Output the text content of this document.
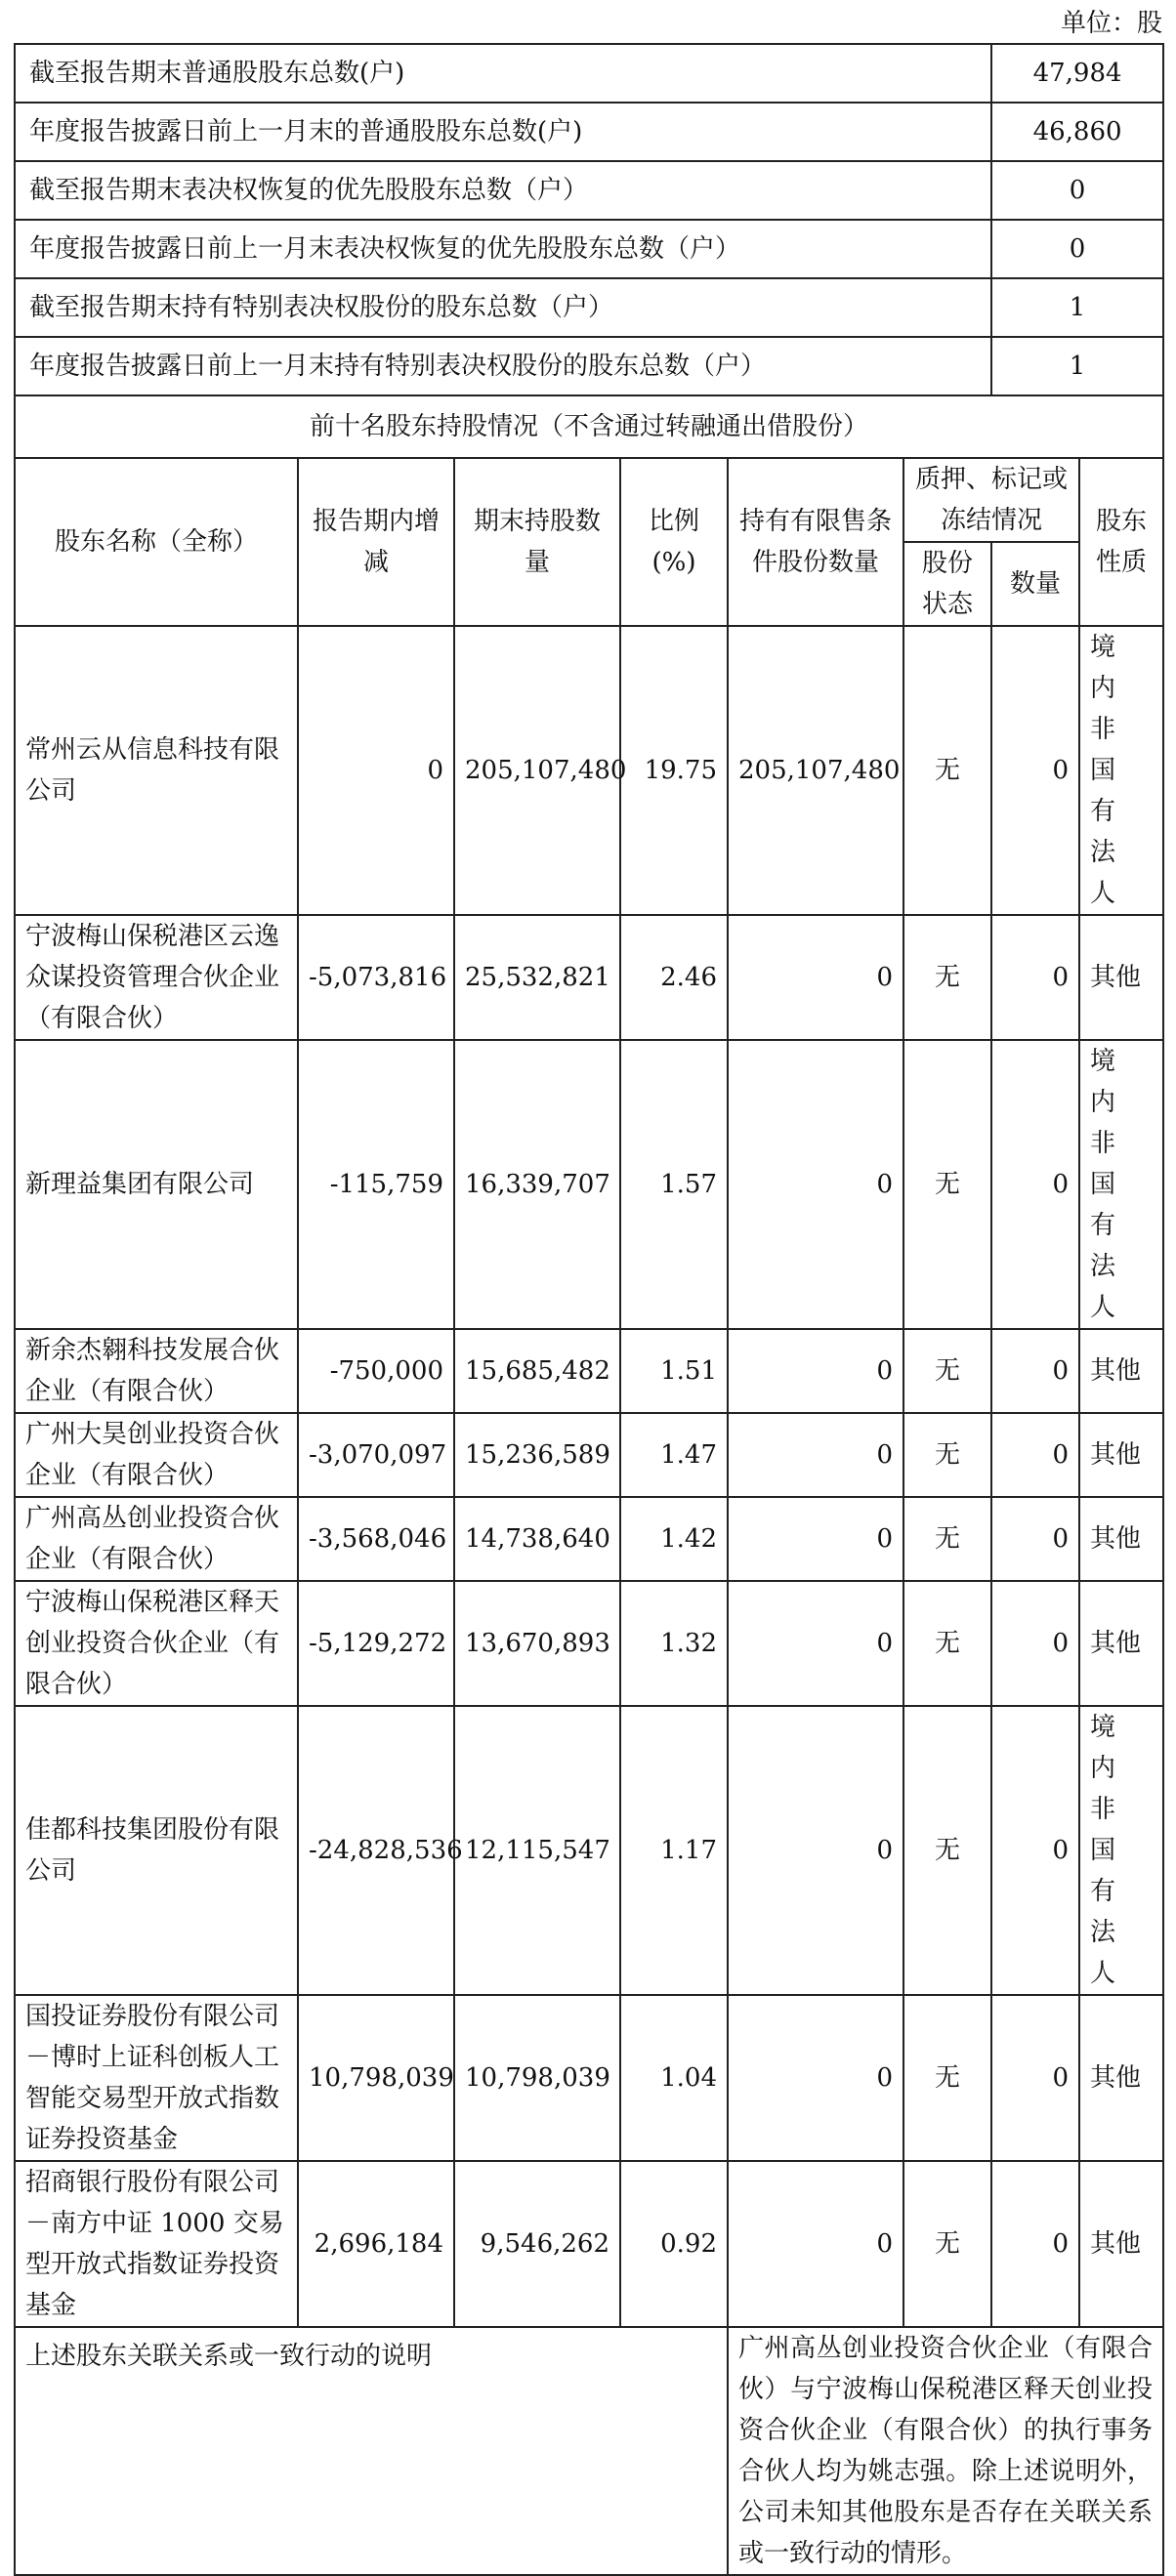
单位：股
截至报告期末普通股股东总数(户)						47,984	
年度报告披露日前上一月末的普通股股东总数(户)						46,860	
截至报告期末表决权恢复的优先股股东总数（户）						0	
年度报告披露日前上一月末表决权恢复的优先股股东总数（户）						0	
截至报告期末持有特别表决权股份的股东总数（户）						1	
年度报告披露日前上一月末持有特别表决权股份的股东总数（户）						1	
前十名股东持股情况（不含通过转融通出借股份）							
股东名称（全称）	报告期内增减	期末持股数量	比例(%)	持有有限售条件股份数量	质押、标记或冻结情况		股东性质
					股份状态	数量	
常州云从信息科技有限公司	0	205,107,480	19.75	205,107,480	无	0	境内非国有法人
宁波梅山保税港区云逸众谋投资管理合伙企业（有限合伙）	-5,073,816	25,532,821	2.46	0	无	0	其他
新理益集团有限公司	-115,759	16,339,707	1.57	0	无	0	境内非国有法人
新余杰翱科技发展合伙企业（有限合伙）	-750,000	15,685,482	1.51	0	无	0	其他
广州大昊创业投资合伙企业（有限合伙）	-3,070,097	15,236,589	1.47	0	无	0	其他
广州高丛创业投资合伙企业（有限合伙）	-3,568,046	14,738,640	1.42	0	无	0	其他
宁波梅山保税港区释天创业投资合伙企业（有限合伙）	-5,129,272	13,670,893	1.32	0	无	0	其他
佳都科技集团股份有限公司	-24,828,536	12,115,547	1.17	0	无	0	境内非国有法人
国投证券股份有限公司－博时上证科创板人工智能交易型开放式指数证券投资基金	10,798,039	10,798,039	1.04	0	无	0	其他
招商银行股份有限公司－南方中证 1000 交易型开放式指数证券投资基金	2,696,184	9,546,262	0.92	0	无	0	其他
上述股东关联关系或一致行动的说明				广州高丛创业投资合伙企业（有限合伙）与宁波梅山保税港区释天创业投资合伙企业（有限合伙）的执行事务合伙人均为姚志强。除上述说明外，公司未知其他股东是否存在关联关系或一致行动的情形。			
